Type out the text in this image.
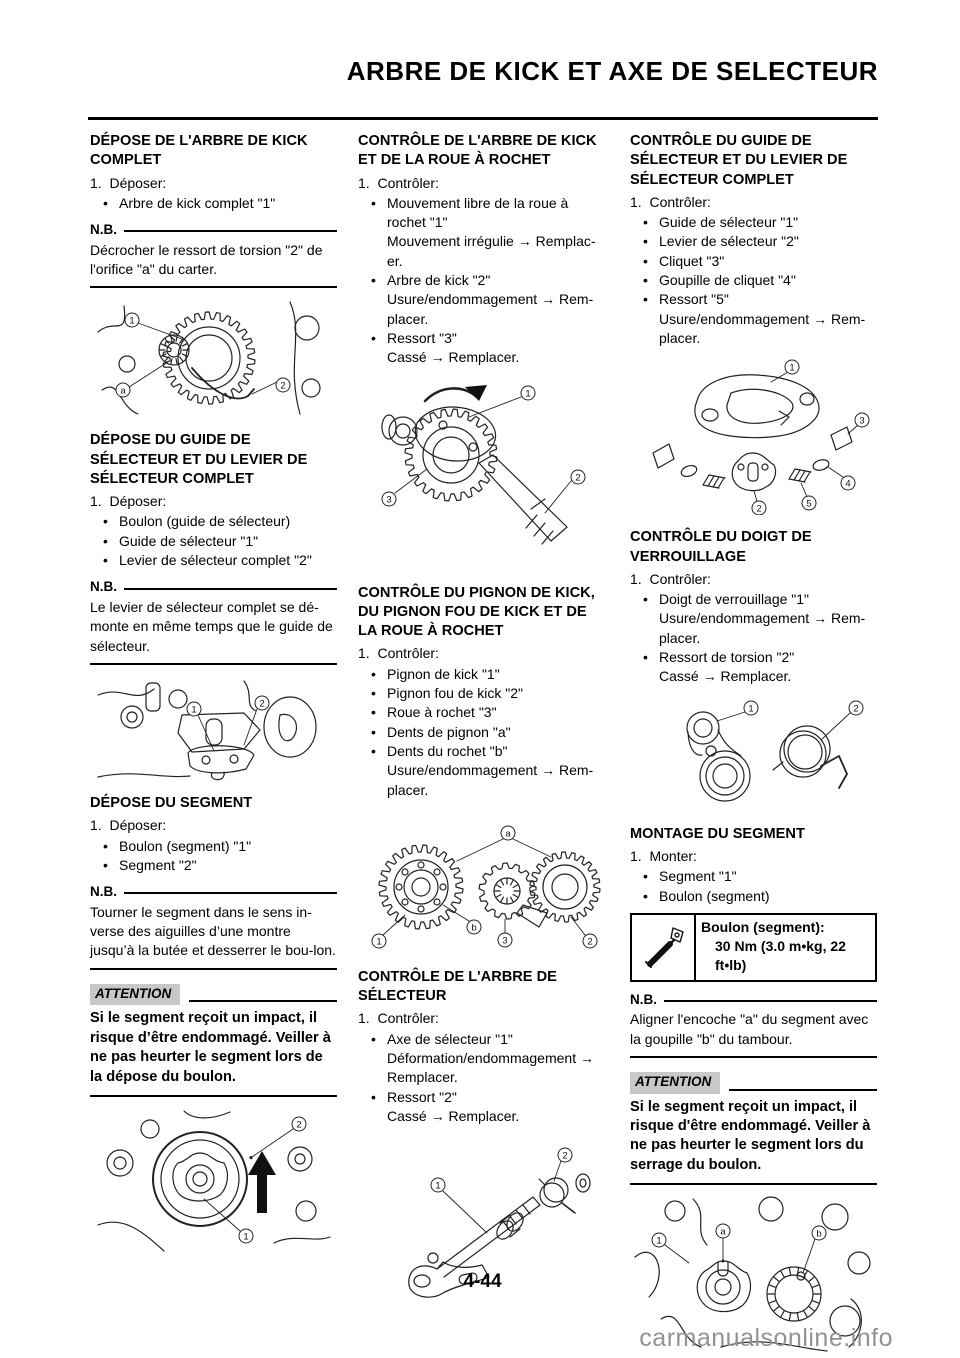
ARBRE DE KICK ET AXE DE SELECTEUR
DÉPOSE DE L'ARBRE DE KICK COMPLET
1.  Déposer:
• Arbre de kick complet "1"
N.B.
Décrocher le ressort de torsion "2" de l'orifice "a" du carter.
1
a	2
DÉPOSE DU GUIDE DE SÉLECTEUR ET DU LEVIER DE SÉLECTEUR COMPLET
1.  Déposer:
• Boulon (guide de sélecteur)
• Guide de sélecteur "1"
• Levier de sélecteur complet "2"
N.B.
Le levier de sélecteur complet se dé-monte en même temps que le guide de sélecteur.
1
2
DÉPOSE DU SEGMENT
1.  Déposer:
• Boulon (segment) "1"
• Segment "2"
N.B.
Tourner le segment dans le sens in-verse des aiguilles d’une montre jusqu’à la butée et desserrer le bou-lon.
ATTENTION
Si le segment reçoit un impact, il risque d’être endommagé. Veiller à ne pas heurter le segment lors de la dépose du boulon.
2
1
CONTRÔLE DE L'ARBRE DE KICK ET DE LA ROUE À ROCHET
1.  Contrôler:
• Mouvement libre de la roue à rochet "1"
Mouvement irrégulie → Remplac-er.
• Arbre de kick "2"
Usure/endommagement → Rem-placer.
• Ressort "3"
Cassé → Remplacer.
1
3
2
CONTRÔLE DU PIGNON DE KICK, DU PIGNON FOU DE KICK ET DE LA ROUE À ROCHET
1.  Contrôler:
• Pignon de kick "1"
• Pignon fou de kick "2"
• Roue à rochet "3"
• Dents de pignon "a"
• Dents du rochet "b"
Usure/endommagement → Rem-placer.
a
b
1	3	2
CONTRÔLE DE L'ARBRE DE SÉLECTEUR
1.  Contrôler:
• Axe de sélecteur "1"
Déformation/endommagement → Remplacer.
• Ressort "2"
Cassé → Remplacer.
1
2
CONTRÔLE DU GUIDE DE SÉLECTEUR ET DU LEVIER DE SÉLECTEUR COMPLET
1.  Contrôler:
• Guide de sélecteur "1"
• Levier de sélecteur "2"
• Cliquet "3"
• Goupille de cliquet "4"
• Ressort "5"
Usure/endommagement → Rem-placer.
1
2
3
4
5
CONTRÔLE DU DOIGT DE VERROUILLAGE
1.  Contrôler:
• Doigt de verrouillage "1"
Usure/endommagement → Rem-placer.
• Ressort de torsion "2"
Cassé → Remplacer.
1	2
MONTAGE DU SEGMENT
1.  Monter:
• Segment "1"
• Boulon (segment)
Boulon (segment):
30 Nm (3.0 m•kg, 22 ft•lb)
N.B.
Aligner l'encoche "a" du segment avec la goupille "b" du tambour.
ATTENTION
Si le segment reçoit un impact, il risque d'être endommagé. Veiller à ne pas heurter le segment lors du serrage du boulon.
1
a	b
4-44
carmanualsonline.info
